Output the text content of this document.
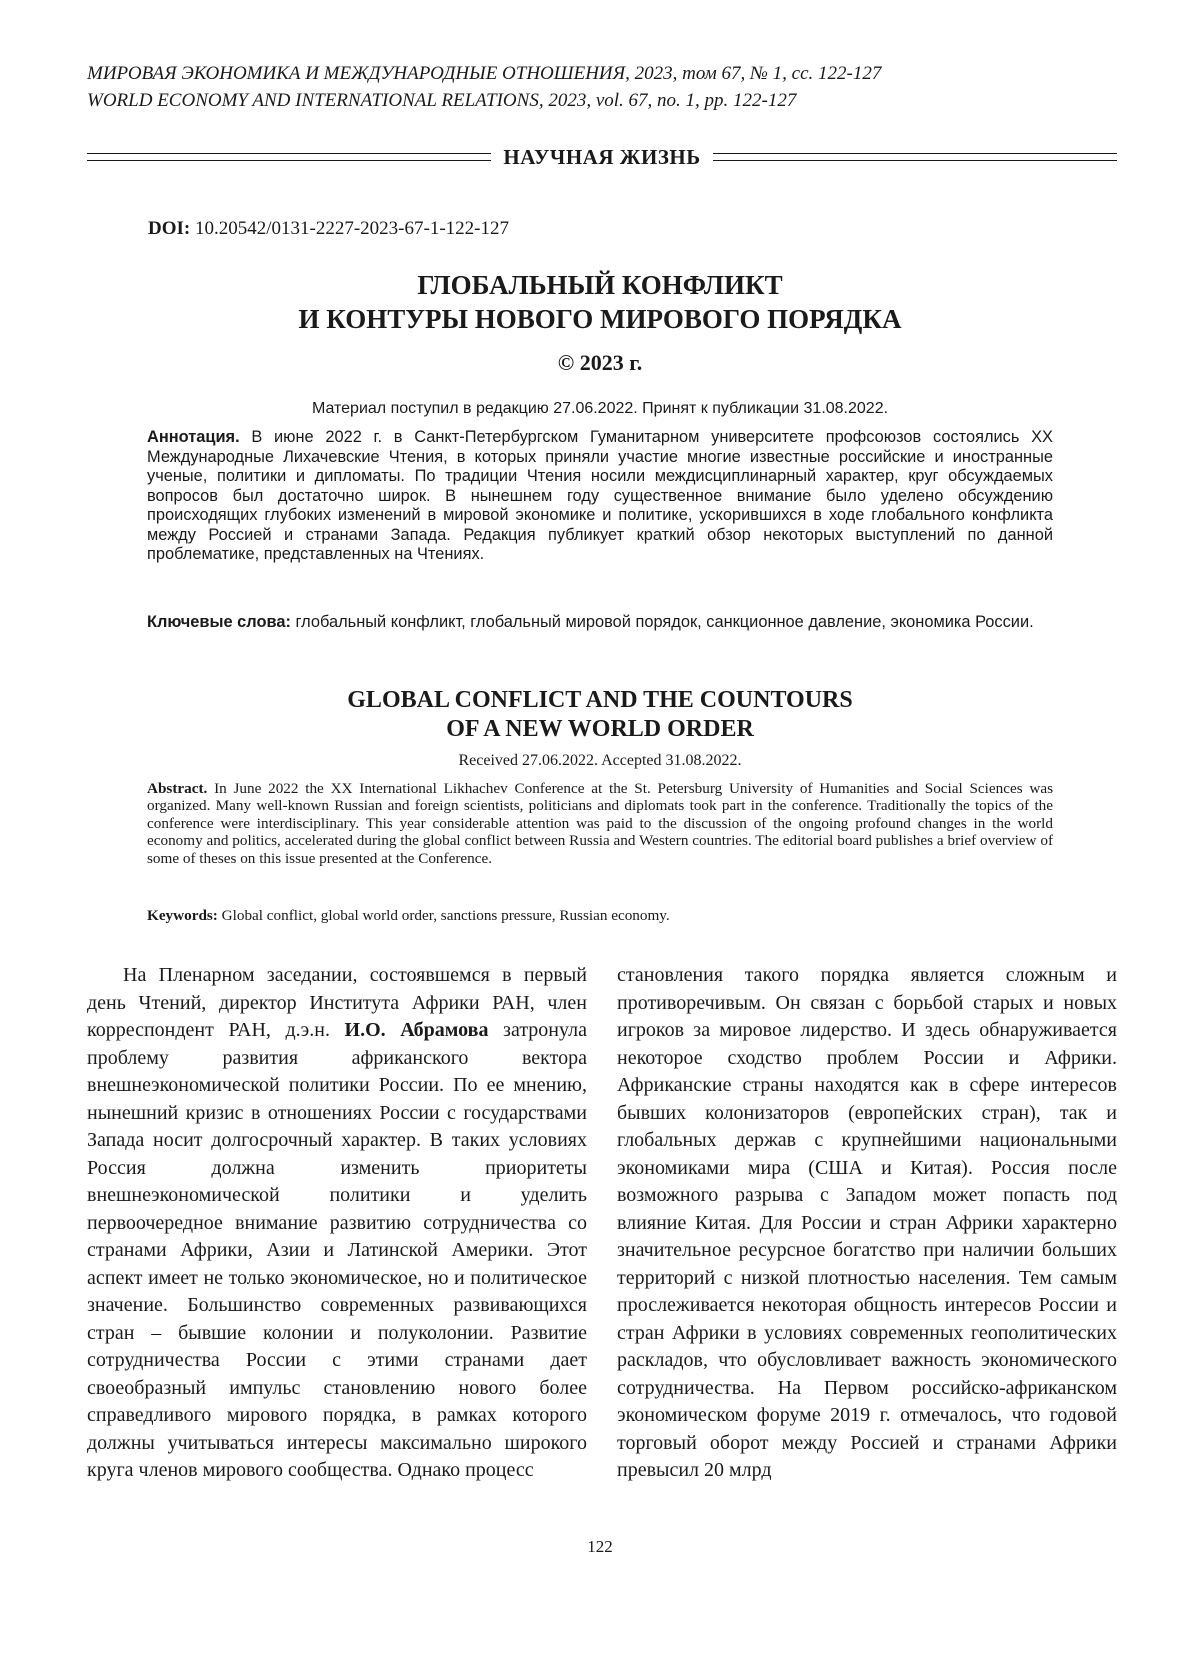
МИРОВАЯ ЭКОНОМИКА И МЕЖДУНАРОДНЫЕ ОТНОШЕНИЯ, 2023, том 67, № 1, сс. 122-127
WORLD ECONOMY AND INTERNATIONAL RELATIONS, 2023, vol. 67, no. 1, pp. 122-127
НАУЧНАЯ ЖИЗНЬ
DOI: 10.20542/0131-2227-2023-67-1-122-127
ГЛОБАЛЬНЫЙ КОНФЛИКТ
И КОНТУРЫ НОВОГО МИРОВОГО ПОРЯДКА
© 2023 г.
Материал поступил в редакцию 27.06.2022. Принят к публикации 31.08.2022.

Аннотация. В июне 2022 г. в Санкт-Петербургском Гуманитарном университете профсоюзов состоялись XX Международные Лихачевские Чтения, в которых приняли участие многие известные российские и иностранные ученые, политики и дипломаты. По традиции Чтения носили междисциплинарный характер, круг обсуждаемых вопросов был достаточно широк. В нынешнем году существенное внимание было уделено обсуждению происходящих глубоких изменений в мировой экономике и политике, ускорившихся в ходе глобального конфликта между Россией и странами Запада. Редакция публикует краткий обзор некоторых выступлений по данной проблематике, представленных на Чтениях.

Ключевые слова: глобальный конфликт, глобальный мировой порядок, санкционное давление, экономика России.

GLOBAL CONFLICT AND THE COUNTOURS
OF A NEW WORLD ORDER
Received 27.06.2022. Accepted 31.08.2022.

Abstract. In June 2022 the XX International Likhachev Conference at the St. Petersburg University of Humanities and Social Sciences was organized. Many well-known Russian and foreign scientists, politicians and diplomats took part in the conference. Traditionally the topics of the conference were interdisciplinary. This year considerable attention was paid to the discussion of the ongoing profound changes in the world economy and politics, accelerated during the global conflict between Russia and Western countries. The editorial board publishes a brief overview of some of theses on this issue presented at the Conference.

Keywords: Global conflict, global world order, sanctions pressure, Russian economy.

На Пленарном заседании, состоявшемся в первый день Чтений, директор Института Африки РАН, член корреспондент РАН, д.э.н. И.О. Абрамова затронула проблему развития африканского вектора внешнеэкономической политики России. По ее мнению, нынешний кризис в отношениях России с государствами Запада носит долгосрочный характер. В таких условиях Россия должна изменить приоритеты внешнеэкономической политики и уделить первоочередное внимание развитию сотрудничества со странами Африки, Азии и Латинской Америки. Этот аспект имеет не только экономическое, но и политическое значение. Большинство современных развивающихся стран – бывшие колонии и полуколонии. Развитие сотрудничества России с этими странами дает своеобразный импульс становлению нового более справедливого мирового порядка, в рамках которого должны учитываться интересы максимально широкого круга членов мирового сообщества. Однако процесс

становления такого порядка является сложным и противоречивым. Он связан с борьбой старых и новых игроков за мировое лидерство. И здесь обнаруживается некоторое сходство проблем России и Африки. Африканские страны находятся как в сфере интересов бывших колонизаторов (европейских стран), так и глобальных держав с крупнейшими национальными экономиками мира (США и Китая). Россия после возможного разрыва с Западом может попасть под влияние Китая. Для России и стран Африки характерно значительное ресурсное богатство при наличии больших территорий с низкой плотностью населения. Тем самым прослеживается некоторая общность интересов России и стран Африки в условиях современных геополитических раскладов, что обусловливает важность экономического сотрудничества. На Первом российско-африканском экономическом форуме 2019 г. отмечалось, что годовой торговый оборот между Россией и странами Африки превысил 20 млрд

122
